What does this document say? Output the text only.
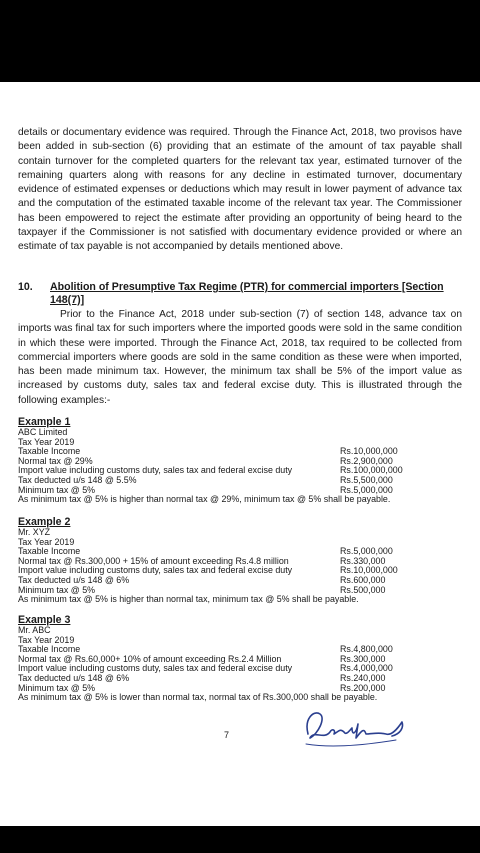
details or documentary evidence was required. Through the Finance Act, 2018, two provisos have been added in sub-section (6) providing that an estimate of the amount of tax payable shall contain turnover for the completed quarters for the relevant tax year, estimated turnover of the remaining quarters along with reasons for any decline in estimated turnover, documentary evidence of estimated expenses or deductions which may result in lower payment of advance tax and the computation of the estimated taxable income of the relevant tax year. The Commissioner has been empowered to reject the estimate after providing an opportunity of being heard to the taxpayer if the Commissioner is not satisfied with documentary evidence provided or where an estimate of tax payable is not accompanied by details mentioned above.

10. Abolition of Presumptive Tax Regime (PTR) for commercial importers [Section 148(7)]

Prior to the Finance Act, 2018 under sub-section (7) of section 148, advance tax on imports was final tax for such importers where the imported goods were sold in the same condition in which these were imported. Through the Finance Act, 2018, tax required to be collected from commercial importers where goods are sold in the same condition as these were when imported, has been made minimum tax. However, the minimum tax shall be 5% of the import value as increased by customs duty, sales tax and federal excise duty. This is illustrated through the following examples:-

Example 1
ABC Limited
Tax Year 2019
Taxable Income	Rs.10,000,000
Normal tax @ 29%	Rs.2,900,000
Import value including customs duty, sales tax and federal excise duty	Rs.100,000,000
Tax deducted u/s 148 @ 5.5%	Rs.5,500,000
Minimum tax @ 5%	Rs.5,000,000
As minimum tax @ 5% is higher than normal tax @ 29%, minimum tax @ 5% shall be payable.
Example 2
Mr. XYZ
Tax Year 2019
Taxable Income	Rs.5,000,000
Normal tax @ Rs.300,000 + 15% of amount exceeding Rs.4.8 million	Rs.330,000
Import value including customs duty, sales tax and federal excise duty	Rs.10,000,000
Tax deducted u/s 148 @ 6%	Rs.600,000
Minimum tax @ 5%	Rs.500,000
As minimum tax @ 5% is higher than normal tax, minimum tax @ 5% shall be payable.
Example 3
Mr. ABC
Tax Year 2019
Taxable Income	Rs.4,800,000
Normal tax @ Rs.60,000+ 10% of amount exceeding Rs.2.4 Million	Rs.300,000
Import value including customs duty, sales tax and federal excise duty	Rs.4,000,000
Tax deducted u/s 148 @ 6%	Rs.240,000
Minimum tax @ 5%	Rs.200,000
As minimum tax @ 5% is lower than normal tax, normal tax of Rs.300,000 shall be payable.
7
